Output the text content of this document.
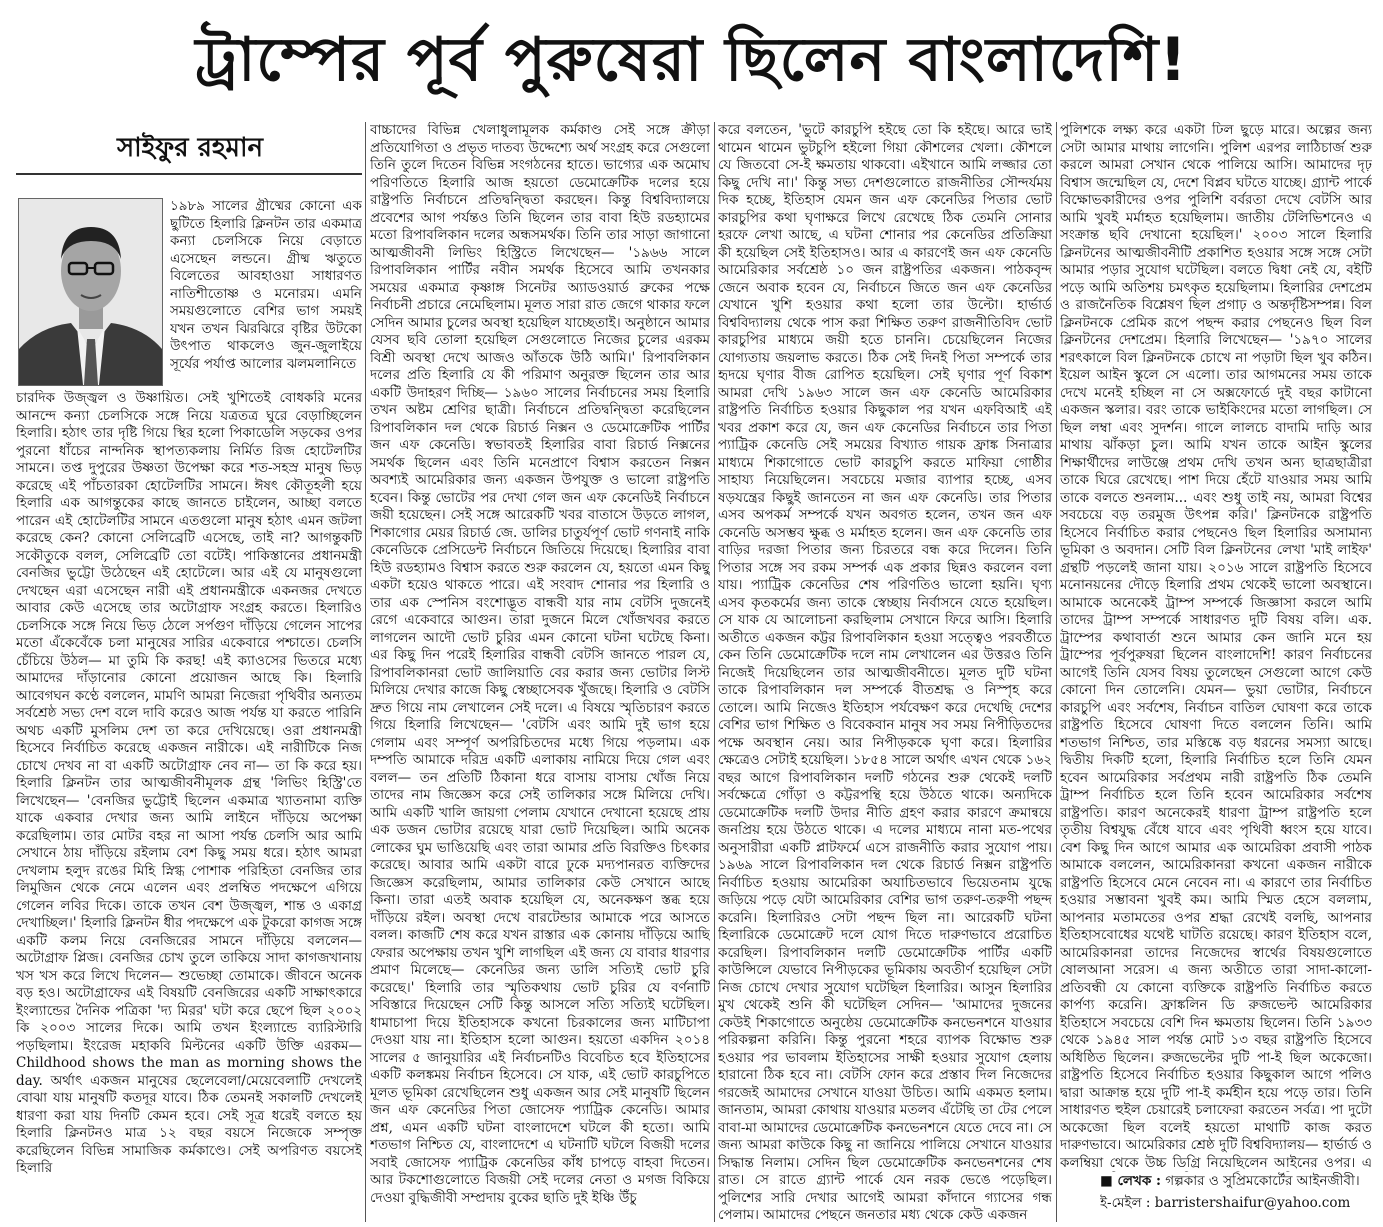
ট্রাম্পের পূর্ব পুরুষেরা ছিলেন বাংলাদেশি!
সাইফুর রহমান

১৯৮৯ সালের গ্রীষ্মের কোনো এক ছুটিতে হিলারি ক্লিনটন তার একমাত্র কন্যা চেলসিকে নিয়ে বেড়াতে এসেছেন লন্ডনে। গ্রীষ্ম ঋতুতে বিলেতের আবহাওয়া সাধারণত নাতিশীতোষ্ণ ও মনোরম। এমনি সময়গুলোতে বেশির ভাগ সময়ই যখন তখন ঝিরঝিরে বৃষ্টির উটকো উৎপাত থাকলেও জুন-জুলাইয়ে সূর্যের পর্যাপ্ত আলোর ঝলমলানিতে

চারদিক উজ্জ্বল ও উষ্ণায়িত। সেই খুশিতেই বোধকরি মনের আনন্দে কন্যা চেলসিকে সঙ্গে নিয়ে যত্রতত্র ঘুরে বেড়াচ্ছিলেন হিলারি। হঠাৎ তার দৃষ্টি গিয়ে স্থির হলো পিকাডেলি সড়কের ওপর পুরনো ধাঁচের নান্দনিক স্থাপত্যকলায় নির্মিত রিজ হোটেলটির সামনে। তপ্ত দুপুরের উষ্ণতা উপেক্ষা করে শত-সহস্র মানুষ ভিড় করেছে এই পাঁচতারকা হোটেলটির সামনে। ঈষৎ কৌতূহলী হয়ে হিলারি এক আগন্তুকের কাছে জানতে চাইলেন, আচ্ছা বলতে পারেন এই হোটেলটির সামনে এতগুলো মানুষ হঠাৎ এমন জটলা করেছে কেন? কোনো সেলিব্রেটি এসেছে, তাই না? আগন্তুকটি সকৌতুকে বলল, সেলিব্রেটি তো বটেই। পাকিস্তানের প্রধানমন্ত্রী বেনজির ভুট্টো উঠেছেন এই হোটেলে। আর এই যে মানুষগুলো দেখছেন এরা এসেছেন নারী এই প্রধানমন্ত্রীকে একনজর দেখতে আবার কেউ এসেছে তার অটোগ্রাফ সংগ্রহ করতে। হিলারিও চেলসিকে সঙ্গে নিয়ে ভিড় ঠেলে সর্পগুণ দাঁড়িয়ে গেলেন সাপের মতো এঁকেবেঁকে চলা মানুষের সারির একেবারে পশ্চাতে। চেলসি চেঁচিয়ে উঠল— মা তুমি কি করছ! এই ক্যাওসের ভিতরে মধ্যে আমাদের দাঁড়ানোর কোনো প্রয়োজন আছে কি। হিলারি আবেগঘন কণ্ঠে বললেন, মামণি আমরা নিজেরা পৃথিবীর অন্যতম সর্বশ্রেষ্ঠ সভ্য দেশ বলে দাবি করেও আজ পর্যন্ত যা করতে পারিনি অথচ একটি মুসলিম দেশ তা করে দেখিয়েছে। ওরা প্রধানমন্ত্রী হিসেবে নির্বাচিত করেছে একজন নারীকে। এই নারীটিকে নিজ চোখে দেখব না বা একটি অটোগ্রাফ নেব না— তা কি করে হয়। হিলারি ক্লিনটন তার আত্মজীবনীমূলক গ্রন্থ 'লিভিং হিস্ট্রি'তে লিখেছেন— 'বেনজির ভুট্টোই ছিলেন একমাত্র খ্যাতনামা ব্যক্তি যাকে একবার দেখার জন্য আমি লাইনে দাঁড়িয়ে অপেক্ষা করেছিলাম। তার মোটর বহর না আসা পর্যন্ত চেলসি আর আমি সেখানে ঠায় দাঁড়িয়ে রইলাম বেশ কিছু সময় ধরে। হঠাৎ আমরা দেখলাম হলুদ রঙের মিহি স্নিগ্ধ পোশাক পরিহিতা বেনজির তার লিমুজিন থেকে নেমে এলেন এবং প্রলম্বিত পদক্ষেপে এগিয়ে গেলেন লবির দিকে। তাকে তখন বেশ উজ্জ্বল, শান্ত ও একাগ্র দেখাচ্ছিল।' হিলারি ক্লিনটন ধীর পদক্ষেপে এক টুকরো কাগজ সঙ্গে একটি কলম নিয়ে বেনজিরের সামনে দাঁড়িয়ে বললেন— অটোগ্রাফ প্লিজ। বেনজির চোখ তুলে তাকিয়ে সাদা কাগজখানায় খস খস করে লিখে দিলেন— শুভেচ্ছা তোমাকে। জীবনে অনেক বড় হও। অটোগ্রাফের এই বিষয়টি বেনজিরের একটি সাক্ষাৎকারে ইংল্যান্ডের দৈনিক পত্রিকা 'দ্য মিরর' ঘটা করে ছেপে ছিল ২০০২ কি ২০০৩ সালের দিকে। আমি তখন ইংল্যান্ডে ব্যারিস্টারি পড়ছিলাম। ইংরেজ মহাকবি মিল্টনের একটি উক্তি এরকম— Childhood shows the man as morning shows the day. অর্থাৎ একজন মানুষের ছেলেবেলা/মেয়েবেলাটি দেখলেই বোঝা যায় মানুষটি কতদূর যাবে। ঠিক তেমনই সকালটি দেখলেই ধারণা করা যায় দিনটি কেমন হবে। সেই সূত্র ধরেই বলতে হয় হিলারি ক্লিনটনও মাত্র ১২ বছর বয়সে নিজেকে সম্পৃক্ত করেছিলেন বিভিন্ন সামাজিক কর্মকাণ্ডে। সেই অপরিণত বয়সেই হিলারি

বাচ্চাদের বিভিন্ন খেলাধুলামূলক কর্মকাণ্ড সেই সঙ্গে ক্রীড়া প্রতিযোগিতা ও প্রভৃত দাতব্য উদ্দেশ্যে অর্থ সংগ্রহ করে সেগুলো তিনি তুলে দিতেন বিভিন্ন সংগঠনের হাতে। ভাগ্যের এক অমোঘ পরিণতিতে হিলারি আজ হয়তো ডেমোক্রেটিক দলের হয়ে রাষ্ট্রপতি নির্বাচনে প্রতিদ্বন্দ্বিতা করছেন। কিন্তু বিশ্ববিদ্যালয়ে প্রবেশের আগ পর্যন্তও তিনি ছিলেন তার বাবা হিউ রডহ্যামের মতো রিপাবলিকান দলের অন্ধসমর্থক। তিনি তার সাড়া জাগানো আত্মজীবনী লিভিং হিস্ট্রিতে লিখেছেন— '১৯৬৬ সালে রিপাবলিকান পার্টির নবীন সমর্থক হিসেবে আমি তখনকার সময়ের একমাত্র কৃষ্ণাঙ্গ সিনেটর অ্যাডওয়ার্ড ব্রুকের পক্ষে নির্বাচনী প্রচারে নেমেছিলাম। মূলত সারা রাত জেগে থাকার ফলে সেদিন আমার চুলের অবস্থা হয়েছিল যাচ্ছেতাই। অনুষ্ঠানে আমার যেসব ছবি তোলা হয়েছিল সেগুলোতে নিজের চুলের এরকম বিশ্রী অবস্থা দেখে আজও আঁতকে উঠি আমি।' রিপাবলিকান দলের প্রতি হিলারি যে কী পরিমাণ অনুরক্ত ছিলেন তার আর একটি উদাহরণ দিচ্ছি— ১৯৬০ সালের নির্বাচনের সময় হিলারি তখন অষ্টম শ্রেণির ছাত্রী। নির্বাচনে প্রতিদ্বন্দ্বিতা করেছিলেন রিপাবলিকান দল থেকে রিচার্ড নিক্সন ও ডেমোক্রেটিক পার্টির জন এফ কেনেডি। স্বভাবতই হিলারির বাবা রিচার্ড নিক্সনের সমর্থক ছিলেন এবং তিনি মনেপ্রাণে বিশ্বাস করতেন নিক্সন অবশ্যই আমেরিকার জন্য একজন উপযুক্ত ও ভালো রাষ্ট্রপতি হবেন। কিন্তু ভোটের পর দেখা গেল জন এফ কেনেডিই নির্বাচনে জয়ী হয়েছেন। সেই সঙ্গে আরেকটি খবর বাতাসে উড়তে লাগল, শিকাগোর মেয়র রিচার্ড জে. ডালির চাতুর্যপূর্ণ ভোট গণনাই নাকি কেনেডিকে প্রেসিডেন্ট নির্বাচনে জিতিয়ে দিয়েছে। হিলারির বাবা হিউ রডহ্যামও বিশ্বাস করতে শুরু করলেন যে, হয়তো এমন কিছু একটা হয়েও থাকতে পারে। এই সংবাদ শোনার পর হিলারি ও তার এক স্পেনিস বংশোদ্ভূত বান্ধবী যার নাম বেটসি দুজনেই রেগে একেবারে আগুন। তারা দুজনে মিলে খোঁজখবর করতে লাগলেন আদৌ ভোট চুরির এমন কোনো ঘটনা ঘটেছে কিনা। এর কিছু দিন পরেই হিলারির বান্ধবী বেটসি জানতে পারল যে, রিপাবলিকানরা ভোট জালিয়াতি বের করার জন্য ভোটার লিস্ট মিলিয়ে দেখার কাজে কিছু স্বেচ্ছাসেবক খুঁজছে। হিলারি ও বেটসি দ্রুত গিয়ে নাম লেখালেন সেই দলে। এ বিষয়ে স্মৃতিচারণ করতে গিয়ে হিলারি লিখেছেন— 'বেটসি এবং আমি দুই ভাগ হয়ে গেলাম এবং সম্পূর্ণ অপরিচিতদের মধ্যে গিয়ে পড়লাম। এক দম্পতি আমাকে দরিদ্র একটি এলাকায় নামিয়ে দিয়ে গেল এবং বলল— তন প্রতিটি ঠিকানা ধরে বাসায় বাসায় খোঁজ নিয়ে তাদের নাম জিজ্ঞেস করে সেই তালিকার সঙ্গে মিলিয়ে দেখি। আমি একটি খালি জায়গা পেলাম যেখানে দেখানো হয়েছে প্রায় এক ডজন ভোটার রয়েছে যারা ভোট দিয়েছিল। আমি অনেক লোকের ঘুম ভাঙিয়েছি এবং তারা আমার প্রতি বিরক্তিও চিৎকার করেছে। আবার আমি একটা বারে ঢুকে মদ্যপানরত ব্যক্তিদের জিজ্ঞেস করেছিলাম, আমার তালিকার কেউ সেখানে আছে কিনা। তারা এতই অবাক হয়েছিল যে, অনেকক্ষণ স্তব্ধ হয়ে দাঁড়িয়ে রইল। অবস্থা দেখে বারটেন্ডার আমাকে পরে আসতে বলল। কাজটি শেষ করে যখন রাস্তার এক কোনায় দাঁড়িয়ে আছি ফেরার অপেক্ষায় তখন খুশি লাগছিল এই জন্য যে বাবার ধারণার প্রমাণ মিলেছে— কেনেডির জন্য ডালি সত্যিই ভোট চুরি করেছে।' হিলারি তার স্মৃতিকথায় ভোট চুরির যে বর্ণনাটি সবিস্তারে দিয়েছেন সেটি কিন্তু আসলে সত্যি সত্যিই ঘটেছিল। ধামাচাপা দিয়ে ইতিহাসকে কখনো চিরকালের জন্য মাটিচাপা দেওয়া যায় না। ইতিহাস হলো আগুন। হয়তো একদিন ২০১৪ সালের ৫ জানুয়ারির এই নির্বাচনটিও বিবেচিত হবে ইতিহাসের একটি কলঙ্কময় নির্বাচন হিসেবে। সে যাক, এই ভোট কারচুপিতে মূলত ভূমিকা রেখেছিলেন শুধু একজন আর সেই মানুষটি ছিলেন জন এফ কেনেডির পিতা জোসেফ প্যাট্রিক কেনেডি। আমার প্রশ্ন, এমন একটি ঘটনা বাংলাদেশে ঘটলে কী হতো। আমি শতভাগ নিশ্চিত যে, বাংলাদেশে এ ঘটনাটি ঘটলে বিজয়ী দলের সবাই জোসেফ প্যাট্রিক কেনেডির কাঁধ চাপড়ে বাহবা দিতেন। আর টকশোগুলোতে বিজয়ী সেই দলের নেতা ও মগজ বিকিয়ে দেওয়া বুদ্ধিজীবী সম্প্রদায় বুকের ছাতি দুই ইঞ্চি উঁচু

করে বলতেন, 'ভুটে কারচুপি হইছে তো কি হইছে। আরে ভাই থামেন থামেন ভুটচুপি হইলো গিয়া কৌশলের খেলা। কৌশলে যে জিতবো সে-ই ক্ষমতায় থাকবো। এইখানে আমি লজ্জার তো কিছু দেখি না।' কিন্তু সভ্য দেশগুলোতে রাজনীতির সৌন্দর্যময় দিক হচ্ছে, ইতিহাস যেমন জন এফ কেনেডির পিতার ভোট কারচুপির কথা ঘৃণাক্ষরে লিখে রেখেছে ঠিক তেমনি সোনার হরফে লেখা আছে, এ ঘটনা শোনার পর কেনেডির প্রতিক্রিয়া কী হয়েছিল সেই ইতিহাসও। আর এ কারণেই জন এফ কেনেডি আমেরিকার সর্বশ্রেষ্ঠ ১০ জন রাষ্ট্রপতির একজন। পাঠকবৃন্দ জেনে অবাক হবেন যে, নির্বাচনে জিতে জন এফ কেনেডির যেখানে খুশি হওয়ার কথা হলো তার উল্টো। হার্ভার্ড বিশ্ববিদ্যালয় থেকে পাস করা শিক্ষিত তরুণ রাজনীতিবিদ ভোট কারচুপির মাধ্যমে জয়ী হতে চাননি। চেয়েছিলেন নিজের যোগ্যতায় জয়লাভ করতে। ঠিক সেই দিনই পিতা সম্পর্কে তার হৃদয়ে ঘৃণার বীজ রোপিত হয়েছিল। সেই ঘৃণার পূর্ণ বিকাশ আমরা দেখি ১৯৬৩ সালে জন এফ কেনেডি আমেরিকার রাষ্ট্রপতি নির্বাচিত হওয়ার কিছুকাল পর যখন এফবিআই এই খবর প্রকাশ করে যে, জন এফ কেনেডির নির্বাচনে তার পিতা প্যাট্রিক কেনেডি সেই সময়ের বিখ্যাত গায়ক ফ্রাঙ্ক সিনাত্রার মাধ্যমে শিকাগোতে ভোট কারচুপি করতে মাফিয়া গোষ্ঠীর সাহায্য নিয়েছিলেন। সবচেয়ে মজার ব্যাপার হচ্ছে, এসব ষড়যন্ত্রের কিছুই জানতেন না জন এফ কেনেডি। তার পিতার এসব অপকর্ম সম্পর্কে যখন অবগত হলেন, তখন জন এফ কেনেডি অসম্ভব ক্ষুব্ধ ও মর্মাহত হলেন। জন এফ কেনেডি তার বাড়ির দরজা পিতার জন্য চিরতরে বন্ধ করে দিলেন। তিনি পিতার সঙ্গে সব রকম সম্পর্ক এক প্রকার ছিন্নও করলেন বলা যায়। প্যাট্রিক কেনেডির শেষ পরিণতিও ভালো হয়নি। ঘৃণ্য এসব কৃতকর্মের জন্য তাকে স্বেচ্ছায় নির্বাসনে যেতে হয়েছিল। সে যাক যে আলোচনা করছিলাম সেখানে ফিরে আসি। হিলারি অতীতে একজন কট্টর রিপাবলিকান হওয়া সত্ত্বেও পরবর্তীতে কেন তিনি ডেমোক্রেটিক দলে নাম লেখালেন এর উত্তরও তিনি নিজেই দিয়েছিলেন তার আত্মজীবনীতে। মূলত দুটি ঘটনা তাকে রিপাবলিকান দল সম্পর্কে বীতশ্রদ্ধ ও নিস্পৃহ করে তোলে। আমি নিজেও ইতিহাস পর্যবেক্ষণ করে দেখেছি দেশের বেশির ভাগ শিক্ষিত ও বিবেকবান মানুষ সব সময় নিপীড়িতদের পক্ষে অবস্থান নেয়। আর নিপীড়ককে ঘৃণা করে। হিলারির ক্ষেত্রেও সেটাই হয়েছিল। ১৮৫৪ সালে অর্থাৎ এখন থেকে ১৬২ বছর আগে রিপাবলিকান দলটি গঠনের শুরু থেকেই দলটি সর্বক্ষেত্রে গোঁড়া ও কট্টরপন্থি হয়ে উঠতে থাকে। অন্যদিকে ডেমোক্রেটিক দলটি উদার নীতি গ্রহণ করার কারণে ক্রমান্বয়ে জনপ্রিয় হয়ে উঠতে থাকে। এ দলের মাধ্যমে নানা মত-পথের অনুসারীরা একটি প্লাটফর্মে এসে রাজনীতি করার সুযোগ পায়। ১৯৬৯ সালে রিপাবলিকান দল থেকে রিচার্ড নিক্সন রাষ্ট্রপতি নির্বাচিত হওয়ায় আমেরিকা অযাচিতভাবে ভিয়েতনাম যুদ্ধে জড়িয়ে পড়ে যেটা আমেরিকার বেশির ভাগ তরুণ-তরুণী পছন্দ করেনি। হিলারিরও সেটা পছন্দ ছিল না। আরেকটি ঘটনা হিলারিকে ডেমোক্রেট দলে যোগ দিতে দারুণভাবে প্ররোচিত করেছিল। রিপাবলিকান দলটি ডেমোক্রেটিক পার্টির একটি কাউন্সিলে যেভাবে নিপীড়কের ভূমিকায় অবতীর্ণ হয়েছিল সেটা নিজ চোখে দেখার সুযোগ ঘটেছিল হিলারির। আসুন হিলারির মুখ থেকেই শুনি কী ঘটেছিল সেদিন— 'আমাদের দুজনের কেউই শিকাগোতে অনুষ্ঠেয় ডেমোক্রেটিক কনভেনশনে যাওয়ার পরিকল্পনা করিনি। কিন্তু পুরনো শহরে ব্যাপক বিক্ষোভ শুরু হওয়ার পর ভাবলাম ইতিহাসের সাক্ষী হওয়ার সুযোগ হেলায় হারানো ঠিক হবে না। বেটসি ফোন করে প্রস্তাব দিল নিজেদের গরজেই আমাদের সেখানে যাওয়া উচিত। আমি একমত হলাম। জানতাম, আমরা কোথায় যাওয়ার মতলব এঁটেছি তা টের পেলে বাবা-মা আমাদের ডেমোক্রেটিক কনভেনশনে যেতে দেবে না। সে জন্য আমরা কাউকে কিছু না জানিয়ে পালিয়ে সেখানে যাওয়ার সিদ্ধান্ত নিলাম। সেদিন ছিল ডেমোক্রেটিক কনভেনশনের শেষ রাত। সে রাতে গ্র্যান্ট পার্কে যেন নরক ভেঙে পড়েছিল। পুলিশের সারি দেখার আগেই আমরা কাঁদানে গ্যাসের গন্ধ পেলাম। আমাদের পেছনে জনতার মধ্য থেকে কেউ একজন

পুলিশকে লক্ষ্য করে একটা ঢিল ছুড়ে মারে। অল্পের জন্য সেটা আমার মাথায় লাগেনি। পুলিশ এরপর লাঠিচার্জ শুরু করলে আমরা সেখান থেকে পালিয়ে আসি। আমাদের দৃঢ় বিশ্বাস জন্মেছিল যে, দেশে বিপ্লব ঘটতে যাচ্ছে। গ্র্যান্ট পার্কে বিক্ষোভকারীদের ওপর পুলিশি বর্বরতা দেখে বেটসি আর আমি খুবই মর্মাহত হয়েছিলাম। জাতীয় টেলিভিশনেও এ সংক্রান্ত ছবি দেখানো হয়েছিল।' ২০০৩ সালে হিলারি ক্লিনটনের আত্মজীবনীটি প্রকাশিত হওয়ার সঙ্গে সঙ্গে সেটা আমার পড়ার সুযোগ ঘটেছিল। বলতে দ্বিধা নেই যে, বইটি পড়ে আমি অতিশয় চমৎকৃত হয়েছিলাম। হিলারির দেশপ্রেম ও রাজনৈতিক বিশ্লেষণ ছিল প্রগাঢ় ও অন্তর্দৃষ্টিসম্পন্ন। বিল ক্লিনটনকে প্রেমিক রূপে পছন্দ করার পেছনেও ছিল বিল ক্লিনটনের দেশপ্রেম। হিলারি লিখেছেন— '১৯৭০ সালের শরৎকালে বিল ক্লিনটনকে চোখে না পড়াটা ছিল খুব কঠিন। ইয়েল আইন স্কুলে সে এলো। তার আগমনের সময় তাকে দেখে মনেই হচ্ছিল না সে অক্সফোর্ডে দুই বছর কাটানো একজন স্কলার। বরং তাকে ভাইকিংদের মতো লাগছিল। সে ছিল লম্বা এবং সুদর্শন। গালে লালচে বাদামি দাড়ি আর মাথায় ঝাঁকড়া চুল। আমি যখন তাকে আইন স্কুলের শিক্ষার্থীদের লাউঞ্জে প্রথম দেখি তখন অন্য ছাত্রছাত্রীরা তাকে ঘিরে রেখেছে। পাশ দিয়ে হেঁটে যাওয়ার সময় আমি তাকে বলতে শুনলাম... এবং শুধু তাই নয়, আমরা বিশ্বের সবচেয়ে বড় তরমুজ উৎপন্ন করি।' ক্লিনটনকে রাষ্ট্রপতি হিসেবে নির্বাচিত করার পেছনেও ছিল হিলারির অসামান্য ভূমিকা ও অবদান। সেটি বিল ক্লিনটনের লেখা 'মাই লাইফ' গ্রন্থটি পড়লেই জানা যায়। ২০১৬ সালে রাষ্ট্রপতি হিসেবে মনোনয়নের দৌড়ে হিলারি প্রথম থেকেই ভালো অবস্থানে। আমাকে অনেকেই ট্রাম্প সম্পর্কে জিজ্ঞাসা করলে আমি তাদের ট্রাম্প সম্পর্কে সাধারণত দুটি বিষয় বলি। এক. ট্রাম্পের কথাবার্তা শুনে আমার কেন জানি মনে হয় ট্রাম্পের পূর্বপুরুষরা ছিলেন বাংলাদেশি! কারণ নির্বাচনের আগেই তিনি যেসব বিষয় তুলেছেন সেগুলো আগে কেউ কোনো দিন তোলেনি। যেমন— ভুয়া ভোটার, নির্বাচনে কারচুপি এবং সর্বশেষ, নির্বাচন বাতিল ঘোষণা করে তাকে রাষ্ট্রপতি হিসেবে ঘোষণা দিতে বললেন তিনি। আমি শতভাগ নিশ্চিত, তার মস্তিষ্কে বড় ধরনের সমস্যা আছে। দ্বিতীয় দিকটি হলো, হিলারি নির্বাচিত হলে তিনি যেমন হবেন আমেরিকার সর্বপ্রথম নারী রাষ্ট্রপতি ঠিক তেমনি ট্রাম্প নির্বাচিত হলে তিনি হবেন আমেরিকার সর্বশেষ রাষ্ট্রপতি। কারণ অনেকেরই ধারণা ট্রাম্প রাষ্ট্রপতি হলে তৃতীয় বিশ্বযুদ্ধ বেঁধে যাবে এবং পৃথিবী ধ্বংস হয়ে যাবে। বেশ কিছু দিন আগে আমার এক আমেরিকা প্রবাসী পাঠক আমাকে বললেন, আমেরিকানরা কখনো একজন নারীকে রাষ্ট্রপতি হিসেবে মেনে নেবেন না। এ কারণে তার নির্বাচিত হওয়ার সম্ভাবনা খুবই কম। আমি স্মিত হেসে বললাম, আপনার মতামতের ওপর শ্রদ্ধা রেখেই বলছি, আপনার ইতিহাসবোধের যথেষ্ট ঘাটতি রয়েছে। কারণ ইতিহাস বলে, আমেরিকানরা তাদের নিজেদের স্বার্থের বিষয়গুলোতে ষোলআনা সরেস। এ জন্য অতীতে তারা সাদা-কালো-প্রতিবন্ধী যে কোনো ব্যক্তিকে রাষ্ট্রপতি নির্বাচিত করতে কার্পণ্য করেনি। ফ্রাঙ্কলিন ডি রুজভেল্ট আমেরিকার ইতিহাসে সবচেয়ে বেশি দিন ক্ষমতায় ছিলেন। তিনি ১৯৩৩ থেকে ১৯৪৫ সাল পর্যন্ত মোট ১৩ বছর রাষ্ট্রপতি হিসেবে অধিষ্ঠিত ছিলেন। রুজভেল্টের দুটি পা-ই ছিল অকেজো। রাষ্ট্রপতি হিসেবে নির্বাচিত হওয়ার কিছুকাল আগে পলিও দ্বারা আক্রান্ত হয়ে দুটি পা-ই কর্মহীন হয়ে পড়ে তার। তিনি সাধারণত হুইল চেয়ারেই চলাফেরা করতেন সর্বত্র। পা দুটো অকেজো ছিল বলেই হয়তো মাথাটি কাজ করত দারুণভাবে। আমেরিকার শ্রেষ্ঠ দুটি বিশ্ববিদ্যালয়— হার্ভার্ড ও কলম্বিয়া থেকে উচ্চ ডিগ্রি নিয়েছিলেন আইনের ওপর। এ

■ লেখক : গল্পকার ও সুপ্রিমকোর্টের আইনজীবী।
ই-মেইল : barristershaifur@yahoo.com
